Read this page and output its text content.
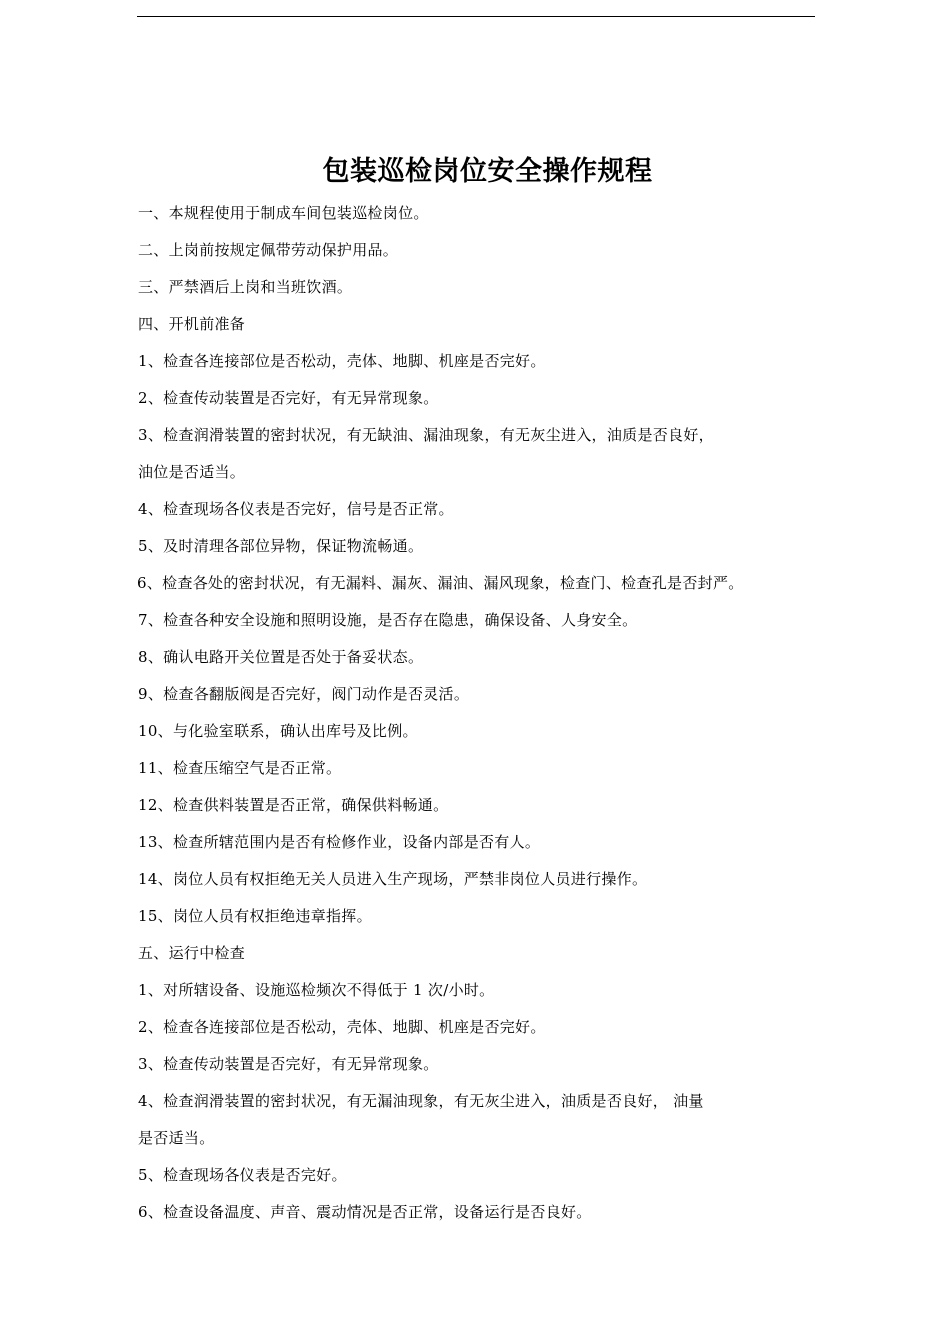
包装巡检岗位安全操作规程
一、本规程使用于制成车间包装巡检岗位。
二、上岗前按规定佩带劳动保护用品。
三、严禁酒后上岗和当班饮酒。
四、开机前准备
1、检查各连接部位是否松动，壳体、地脚、机座是否完好。
2、检查传动装置是否完好，有无异常现象。
3、检查润滑装置的密封状况，有无缺油、漏油现象，有无灰尘进入，油质是否良好，
油位是否适当。
4、检查现场各仪表是否完好，信号是否正常。
5、及时清理各部位异物，保证物流畅通。
6、检查各处的密封状况，有无漏料、漏灰、漏油、漏风现象，检查门、检查孔是否封严。
7、检查各种安全设施和照明设施，是否存在隐患，确保设备、人身安全。
8、确认电路开关位置是否处于备妥状态。
9、检查各翻版阀是否完好，阀门动作是否灵活。
10、与化验室联系，确认出库号及比例。
11、检查压缩空气是否正常。
12、检查供料装置是否正常，确保供料畅通。
13、检查所辖范围内是否有检修作业，设备内部是否有人。
14、岗位人员有权拒绝无关人员进入生产现场，严禁非岗位人员进行操作。
15、岗位人员有权拒绝违章指挥。
五、运行中检查
1、对所辖设备、设施巡检频次不得低于 1 次/小时。
2、检查各连接部位是否松动，壳体、地脚、机座是否完好。
3、检查传动装置是否完好，有无异常现象。
4、检查润滑装置的密封状况，有无漏油现象，有无灰尘进入，油质是否良好， 油量
是否适当。
5、检查现场各仪表是否完好。
6、检查设备温度、声音、震动情况是否正常，设备运行是否良好。
